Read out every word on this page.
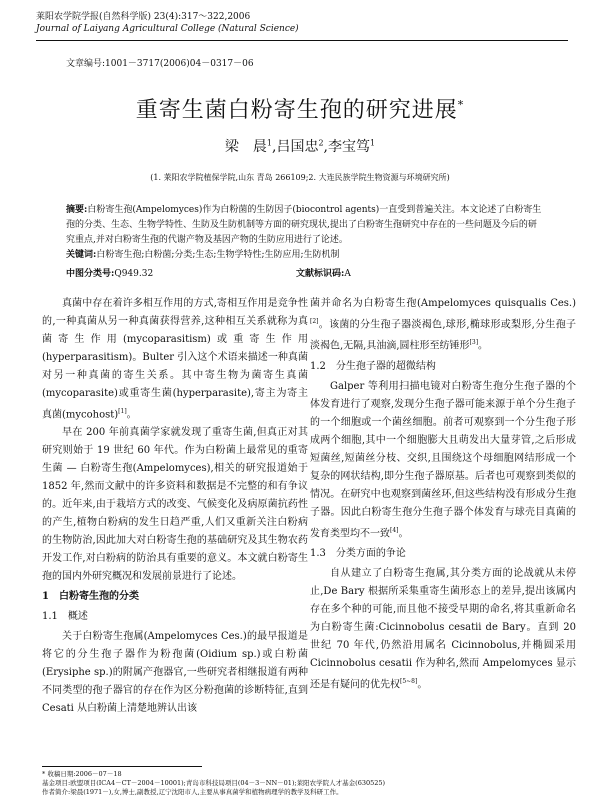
莱阳农学院学报(自然科学版) 23(4):317～322,2006
Journal of Laiyang Agricultural College (Natural Science)
文章编号:1001－3717(2006)04－0317－06
重寄生菌白粉寄生孢的研究进展*
梁　晨$^1$,吕国忠$^2$,李宝笃$^1$
(1. 莱阳农学院植保学院,山东 青岛 266109;2. 大连民族学院生物资源与环境研究所)
摘要:白粉寄生孢(Ampelomyces)作为白粉菌的生防因子(biocontrol agents)一直受到普遍关注。本文论述了白粉寄生孢的分类、生态、生物学特性、生防及生防机制等方面的研究现状,提出了白粉寄生孢研究中存在的一些问题及今后的研究重点,并对白粉寄生孢的代谢产物及基因产物的生防应用进行了论述。
关键词:白粉寄生孢;白粉菌;分类;生态;生物学特性;生防应用;生防机制
中图分类号:Q949.32	文献标识码:A

真菌中存在着许多相互作用的方式,寄相互作用是竞争性的,一种真菌从另一种真菌获得营养,这种相互关系就称为真菌寄生作用(mycoparasitism)或重寄生作用(hyperparasitism)。Bulter 引入这个术语来描述一种真菌对另一种真菌的寄生关系。其中寄生物为菌寄生真菌(mycoparasite)或重寄生菌(hyperparasite),寄主为寄主真菌(mycohost)[1]。

早在 200 年前真菌学家就发现了重寄生菌,但真正对其研究则始于 19 世纪 60 年代。作为白粉菌上最常见的重寄生菌 — 白粉寄生孢(Ampelomyces),相关的研究报道始于 1852 年,然而文献中的许多资料和数据是不完整的和有争议的。近年来,由于栽培方式的改变、气候变化及病原菌抗药性的产生,植物白粉病的发生日趋严重,人们又重新关注白粉病的生物防治,因此加大对白粉寄生孢的基础研究及其生物农药开发工作,对白粉病的防治具有重要的意义。本文就白粉寄生孢的国内外研究概况和发展前景进行了论述。

1　白粉寄生孢的分类

1.1　概述

关于白粉寄生孢属(Ampelomyces Ces.)的最早报道是将它的分生孢子器作为粉孢菌(Oidium sp.)或白粉菌(Erysiphe sp.)的附属产孢器官,一些研究者相继报道有两种不同类型的孢子器官的存在作为区分粉孢菌的诊断特征,直到 Cesati 从白粉菌上清楚地辨认出该

菌并命名为白粉寄生孢(Ampelomyces quisqualis Ces.)[2]。该菌的分生孢子器淡褐色,球形,椭球形或梨形,分生孢子淡褐色,无隔,具油滴,圆柱形至纺锤形[3]。

1.2　分生孢子器的超微结构

Galper 等利用扫描电镜对白粉寄生孢分生孢子器的个体发育进行了观察,发现分生孢子器可能来源于单个分生孢子的一个细胞或一个菌丝细胞。前者可观察到一个分生孢子形成两个细胞,其中一个细胞膨大且萌发出大量芽管,之后形成短菌丝,短菌丝分枝、交织,且围绕这个母细胞网结形成一个复杂的网状结构,即分生孢子器原基。后者也可观察到类似的情况。在研究中也观察到菌丝环,但这些结构没有形成分生孢子器。因此白粉寄生孢分生孢子器个体发育与球壳目真菌的发育类型均不一致[4]。

1.3　分类方面的争论

自从建立了白粉寄生孢属,其分类方面的论战就从未停止,De Bary 根据所采集重寄生菌形态上的差异,提出该属内存在多个种的可能,而且他不接受早期的命名,将其重新命名为白粉寄生菌:Cicinnobolus cesatii de Bary。直到 20 世纪 70 年代,仍然沿用属名 Cicinnobolus,并椭圆采用 Cicinnobolus cesatii 作为种名,然而 Ampelomyces 显示还是有疑问的优先权[5~8]。

* 收稿日期:2006－07－18
基金项目:欧盟项目(ICA4－CT－2004－10001);青岛市科技局项目(04－3－NN－01);莱阳农学院人才基金(630525)
作者简介:梁晨(1971－),女,博士,副教授,辽宁沈阳市人,主要从事真菌学和植物病理学的教学及科研工作。
